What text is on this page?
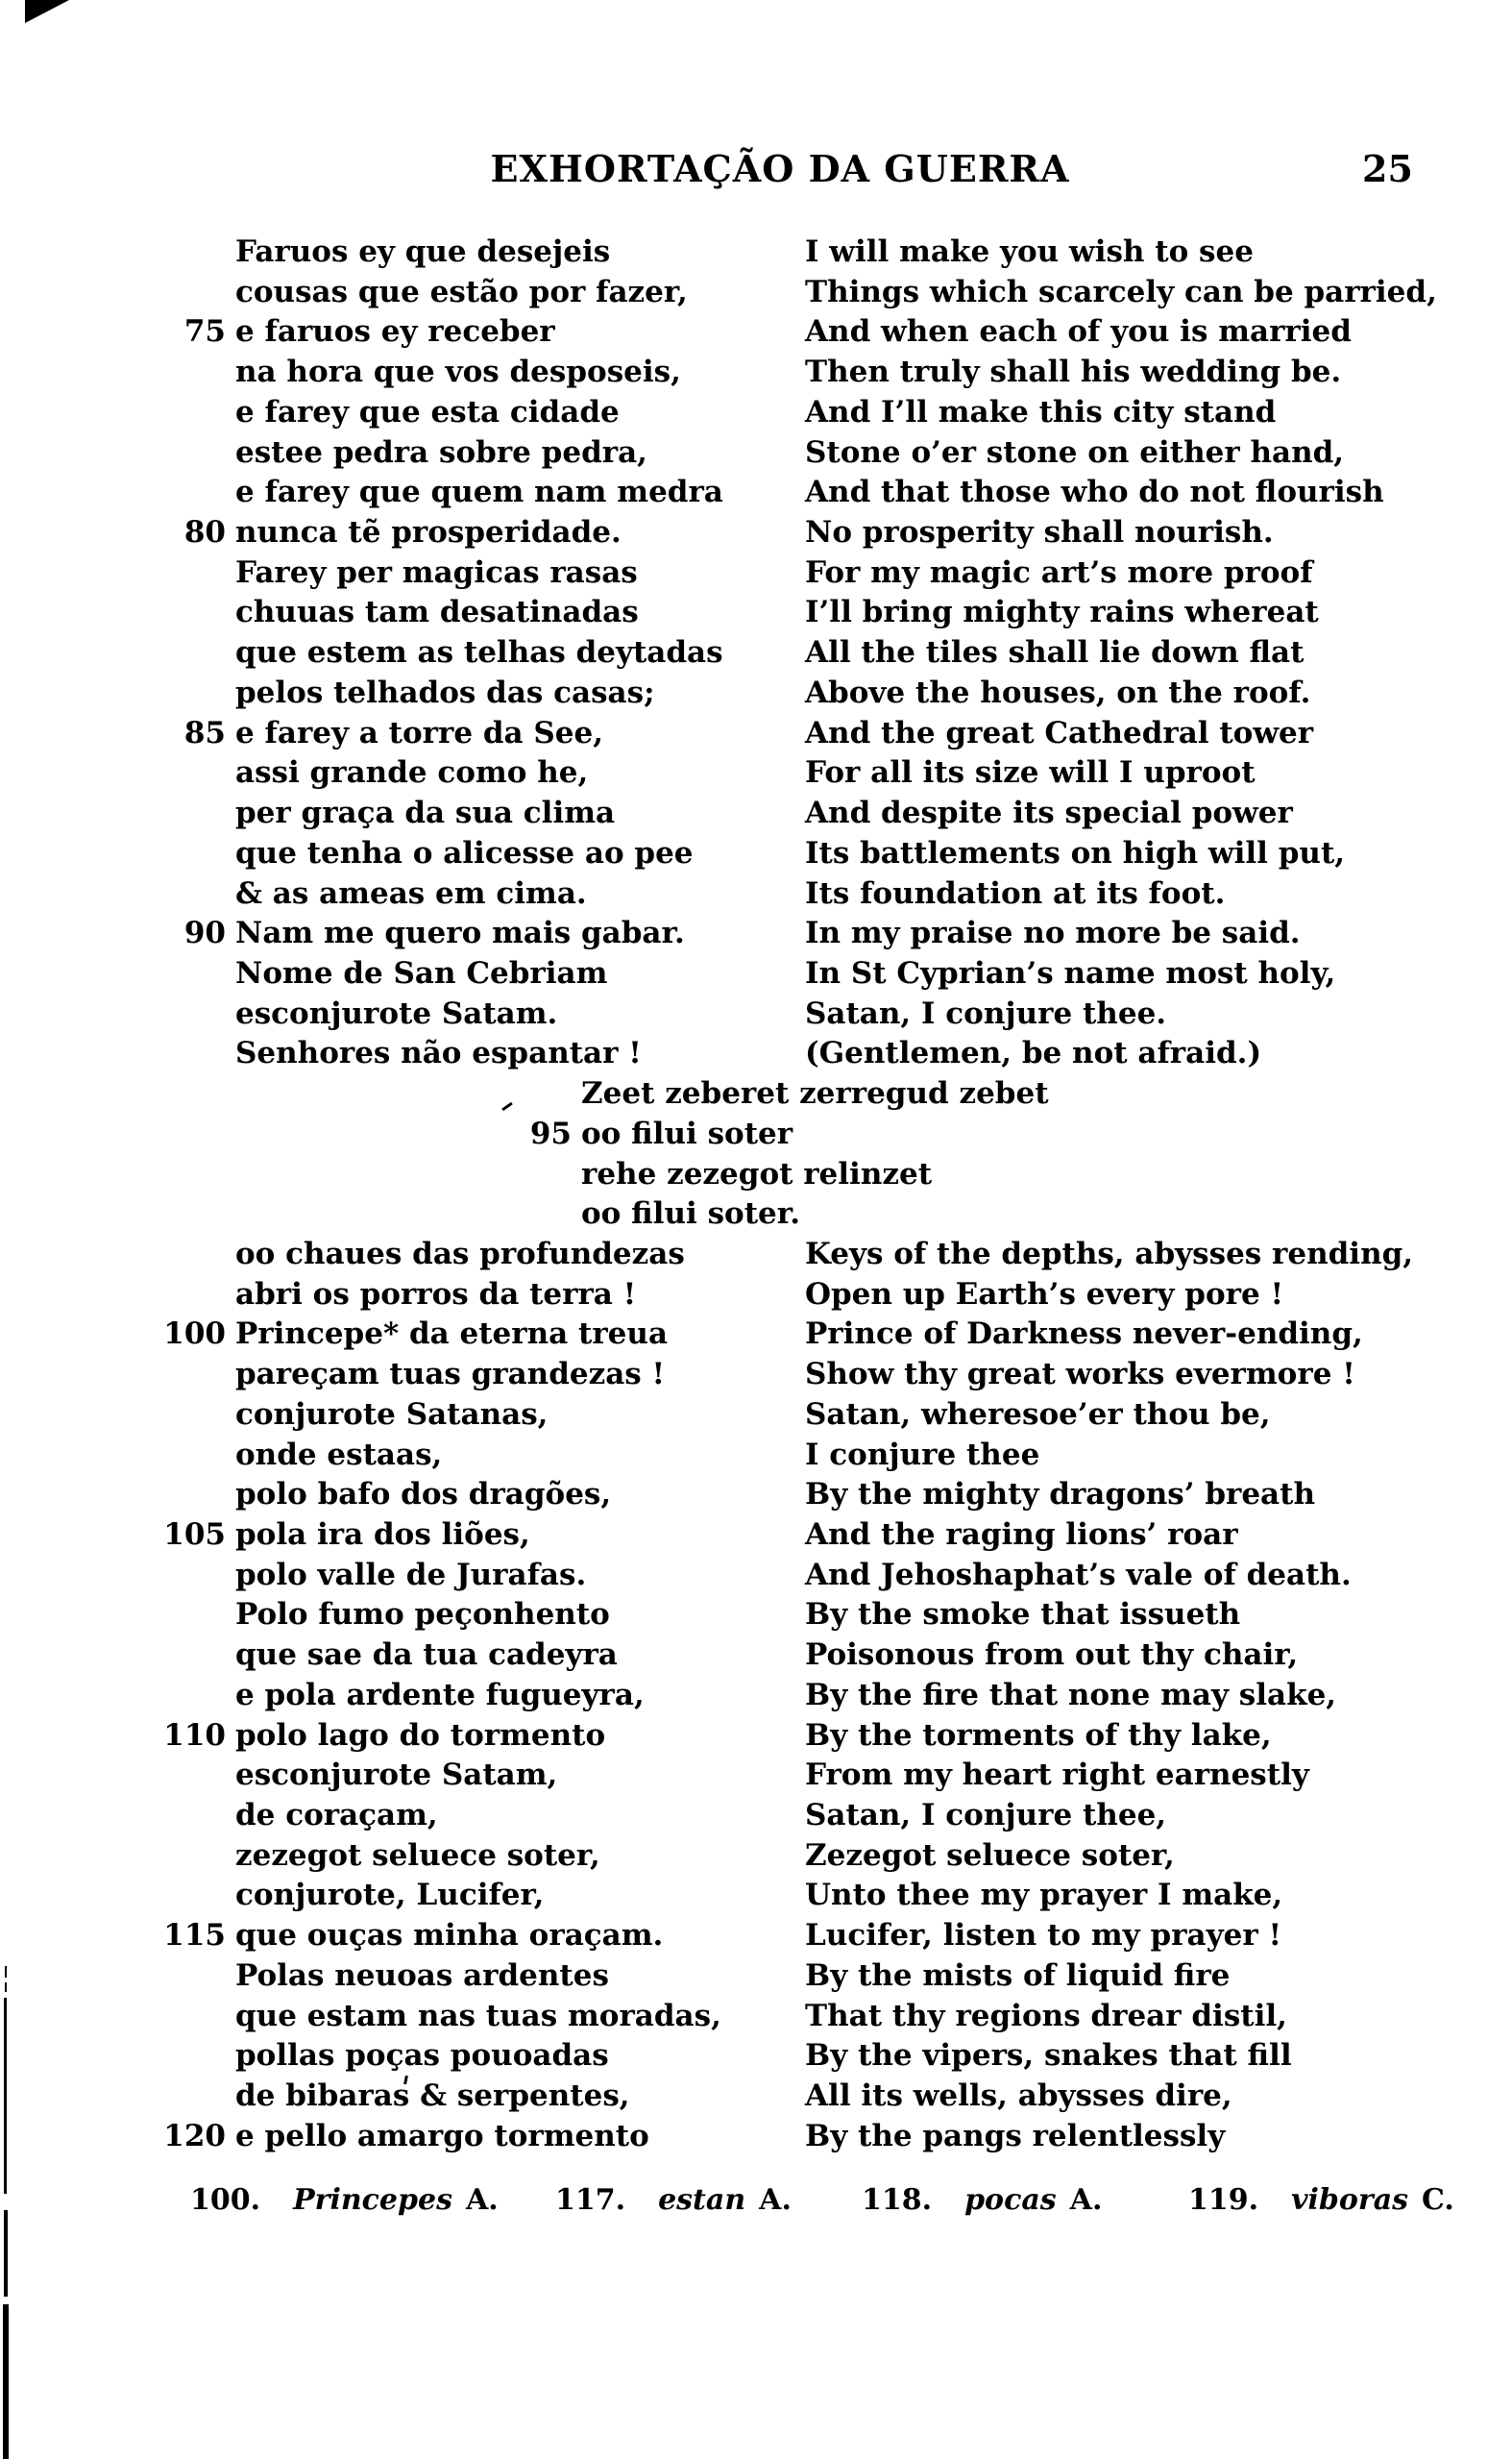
EXHORTAÇÃO DA GUERRA	25
Faruos ey que desejeis	I will make you wish to see
cousas que estão por fazer,	Things which scarcely can be parried,
75 e faruos ey receber	And when each of you is married
na hora que vos desposeis,	Then truly shall his wedding be.
e farey que esta cidade	And I’ll make this city stand
estee pedra sobre pedra,	Stone o’er stone on either hand,
e farey que quem nam medra	And that those who do not flourish
80 nunca tẽ prosperidade.	No prosperity shall nourish.
Farey per magicas rasas	For my magic art’s more proof
chuuas tam desatinadas	I’ll bring mighty rains whereat
que estem as telhas deytadas	All the tiles shall lie down flat
pelos telhados das casas;	Above the houses, on the roof.
85 e farey a torre da See,	And the great Cathedral tower
assi grande como he,	For all its size will I uproot
per graça da sua clima	And despite its special power
que tenha o alicesse ao pee	Its battlements on high will put,
& as ameas em cima.	Its foundation at its foot.
90 Nam me quero mais gabar.	In my praise no more be said.
Nome de San Cebriam	In St Cyprian’s name most holy,
esconjurote Satam.	Satan, I conjure thee.
Senhores não espantar !	(Gentlemen, be not afraid.)
Zeet zeberet zerregud zebet
95 oo filui soter
rehe zezegot relinzet
oo filui soter.
oo chaues das profundezas	Keys of the depths, abysses rending,
abri os porros da terra !	Open up Earth’s every pore !
100 Princepe* da eterna treua	Prince of Darkness never-ending,
pareçam tuas grandezas !	Show thy great works evermore !
conjurote Satanas,	Satan, wheresoe’er thou be,
onde estaas,	I conjure thee
polo bafo dos dragões,	By the mighty dragons’ breath
105 pola ira dos liões,	And the raging lions’ roar
polo valle de Jurafas.	And Jehoshaphat’s vale of death.
Polo fumo peçonhento	By the smoke that issueth
que sae da tua cadeyra	Poisonous from out thy chair,
e pola ardente fugueyra,	By the fire that none may slake,
110 polo lago do tormento	By the torments of thy lake,
esconjurote Satam,	From my heart right earnestly
de coraçam,	Satan, I conjure thee,
zezegot seluece soter,	Zezegot seluece soter,
conjurote, Lucifer,	Unto thee my prayer I make,
115 que ouças minha oraçam.	Lucifer, listen to my prayer !
Polas neuoas ardentes	By the mists of liquid fire
que estam nas tuas moradas,	That thy regions drear distil,
pollas poças pouoadas	By the vipers, snakes that fill
de bibaras & serpentes,	All its wells, abysses dire,
120 e pello amargo tormento	By the pangs relentlessly
100. Princepes A. 117. estan A. 118. pocas A.	119. viboras C.
